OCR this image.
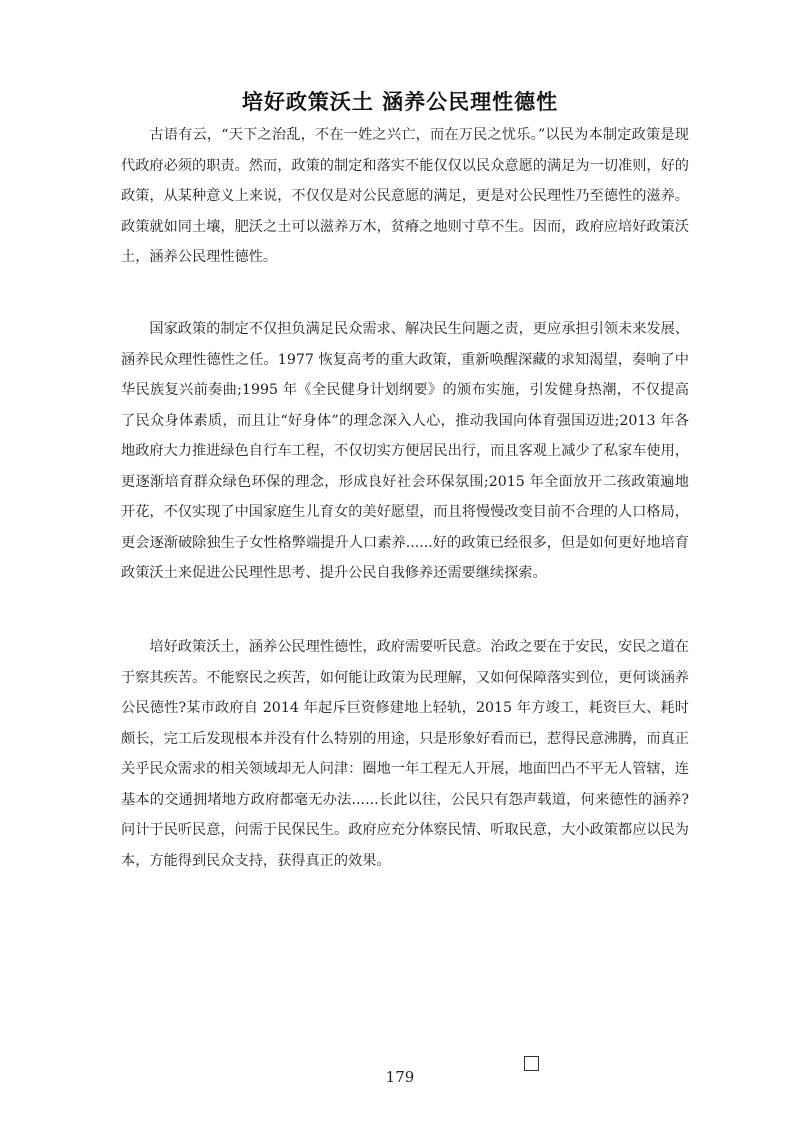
培好政策沃土 涵养公民理性德性

古语有云，“天下之治乱，不在一姓之兴亡，而在万民之忧乐。”以民为本制定政策是现代政府必须的职责。然而，政策的制定和落实不能仅仅以民众意愿的满足为一切准则，好的政策，从某种意义上来说，不仅仅是对公民意愿的满足，更是对公民理性乃至德性的滋养。政策就如同土壤，肥沃之土可以滋养万木，贫瘠之地则寸草不生。因而，政府应培好政策沃土，涵养公民理性德性。

国家政策的制定不仅担负满足民众需求、解决民生问题之责，更应承担引领未来发展、涵养民众理性德性之任。1977 恢复高考的重大政策，重新唤醒深藏的求知渴望，奏响了中华民族复兴前奏曲;1995 年《全民健身计划纲要》的颁布实施，引发健身热潮，不仅提高了民众身体素质，而且让“好身体”的理念深入人心，推动我国向体育强国迈进;2013 年各地政府大力推进绿色自行车工程，不仅切实方便居民出行，而且客观上减少了私家车使用，更逐渐培育群众绿色环保的理念，形成良好社会环保氛围;2015 年全面放开二孩政策遍地开花，不仅实现了中国家庭生儿育女的美好愿望，而且将慢慢改变目前不合理的人口格局，更会逐渐破除独生子女性格弊端提升人口素养......好的政策已经很多，但是如何更好地培育政策沃土来促进公民理性思考、提升公民自我修养还需要继续探索。

培好政策沃土，涵养公民理性德性，政府需要听民意。治政之要在于安民，安民之道在于察其疾苦。不能察民之疾苦，如何能让政策为民理解，又如何保障落实到位，更何谈涵养公民德性?某市政府自 2014 年起斥巨资修建地上轻轨，2015 年方竣工，耗资巨大、耗时颇长，完工后发现根本并没有什么特别的用途，只是形象好看而已，惹得民意沸腾，而真正关乎民众需求的相关领域却无人问津：圈地一年工程无人开展，地面凹凸不平无人管辖，连基本的交通拥堵地方政府都毫无办法......长此以往，公民只有怨声载道，何来德性的涵养?问计于民听民意，问需于民保民生。政府应充分体察民情、听取民意，大小政策都应以民为本，方能得到民众支持，获得真正的效果。

179
